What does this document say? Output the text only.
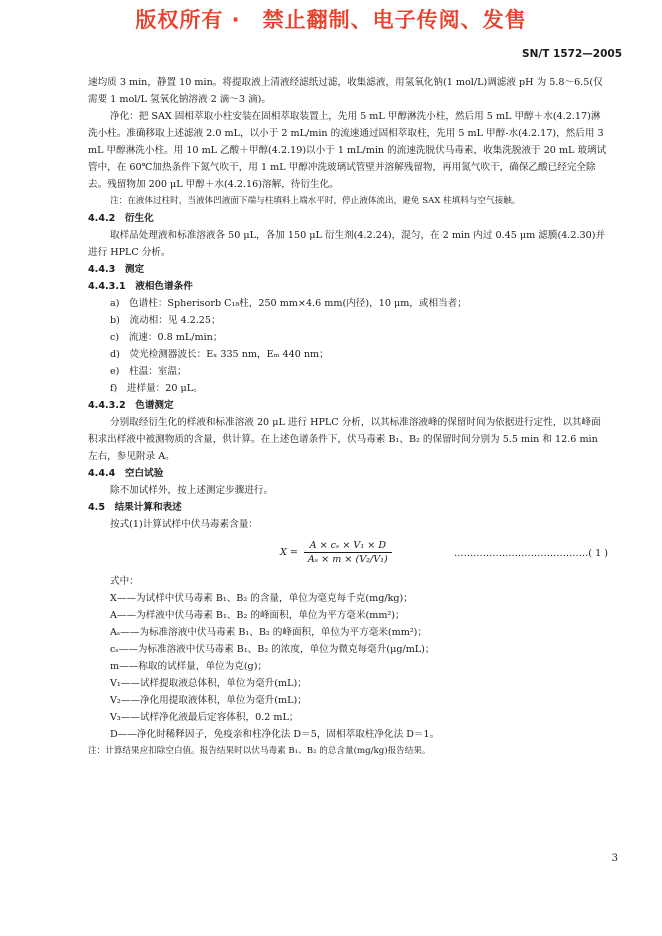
版权所有 ·　禁止翻制、电子传阅、发售
SN/T 1572—2005

速均质 3 min，静置 10 min。将提取液上清液经滤纸过滤，收集滤液，用氢氧化钠(1 mol/L)调滤液 pH 为 5.8～6.5(仅需要 1 mol/L 氢氧化钠溶液 2 滴～3 滴)。

净化：把 SAX 固相萃取小柱安装在固相萃取装置上，先用 5 mL 甲醇淋洗小柱，然后用 5 mL 甲醇＋水(4.2.17)淋洗小柱。准确移取上述滤液 2.0 mL，以小于 2 mL/min 的流速通过固相萃取柱，先用 5 mL 甲醇-水(4.2.17)，然后用 3 mL 甲醇淋洗小柱。用 10 mL 乙酸＋甲醇(4.2.19)以小于 1 mL/min 的流速洗脱伏马毒素，收集洗脱液于 20 mL 玻璃试管中，在 60℃加热条件下氮气吹干，用 1 mL 甲醇冲洗玻璃试管壁并溶解残留物，再用氮气吹干，确保乙酸已经完全除去。残留物加 200 μL 甲醇＋水(4.2.16)溶解，待衍生化。

注：在液体过柱时，当液体凹液面下端与柱填料上端水平时，停止液体流出，避免 SAX 柱填料与空气接触。

4.4.2　衍生化

取样品处理液和标准溶液各 50 μL，各加 150 μL 衍生剂(4.2.24)，混匀，在 2 min 内过 0.45 μm 滤膜(4.2.30)并进行 HPLC 分析。

4.4.3　测定

4.4.3.1　液相色谱条件

a)　色谱柱：Spherisorb C₁₈柱，250 mm×4.6 mm(内径)，10 μm，或相当者；

b)　流动相：见 4.2.25；

c)　流速：0.8 mL/min；

d)　荧光检测器波长：Eₓ 335 nm，Eₘ 440 nm；

e)　柱温：室温；

f)　进样量：20 μL。

4.4.3.2　色谱测定

分别取经衍生化的样液和标准溶液 20 μL 进行 HPLC 分析，以其标准溶液峰的保留时间为依据进行定性，以其峰面积求出样液中被测物质的含量，供计算。在上述色谱条件下，伏马毒素 B₁、B₂ 的保留时间分别为 5.5 min 和 12.6 min 左右，参见附录 A。

4.4.4　空白试验

除不加试样外，按上述测定步骤进行。

4.5　结果计算和表述

按式(1)计算试样中伏马毒素含量：

$X = \frac{\text{A × cₛ × V₁ × D}}{\text{Aₛ × m × (V₂/V₁)}}$	……………………………………( 1 )

式中：

X——为试样中伏马毒素 B₁、B₂ 的含量，单位为毫克每千克(mg/kg)；

A——为样液中伏马毒素 B₁、B₂ 的峰面积，单位为平方毫米(mm²)；

Aₛ——为标准溶液中伏马毒素 B₁、B₂ 的峰面积，单位为平方毫米(mm²)；

cₛ——为标准溶液中伏马毒素 B₁、B₂ 的浓度，单位为微克每毫升(μg/mL)；

m——称取的试样量，单位为克(g)；

V₁——试样提取液总体积，单位为毫升(mL)；

V₂——净化用提取液体积，单位为毫升(mL)；

V₃——试样净化液最后定容体积，0.2 mL；

D——净化时稀释因子，免疫亲和柱净化法 D＝5，固相萃取柱净化法 D＝1。

注：计算结果应扣除空白值。报告结果时以伏马毒素 B₁、B₂ 的总含量(mg/kg)报告结果。

3
